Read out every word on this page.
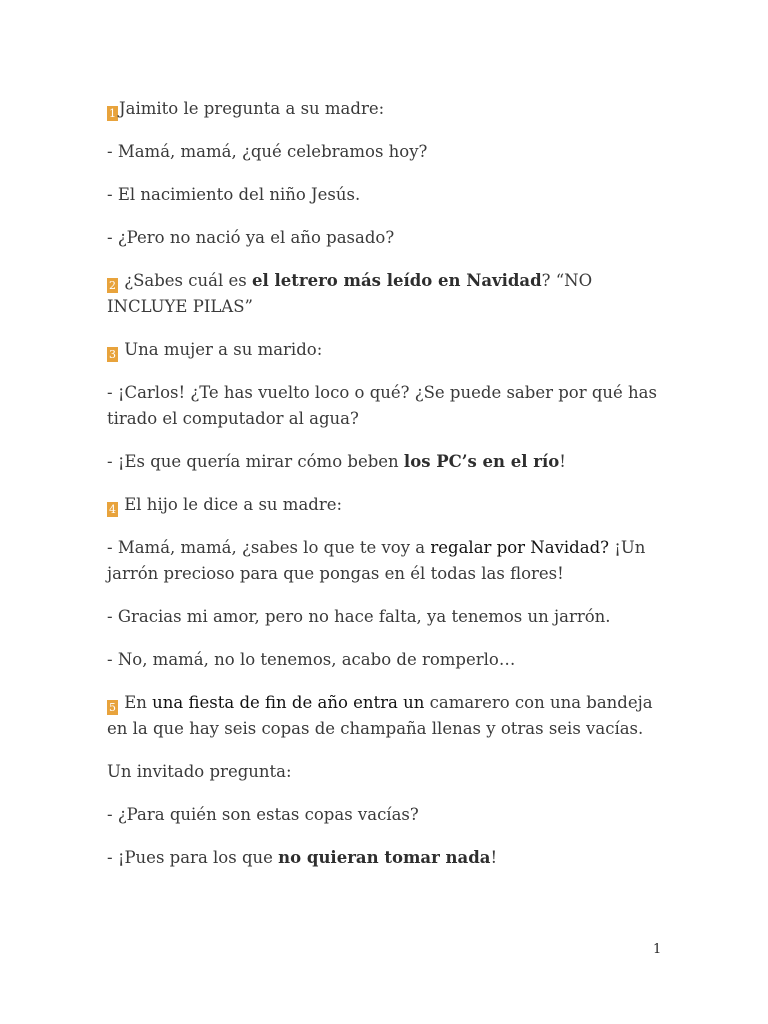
1 Jaimito le pregunta a su madre:

- Mamá, mamá, ¿qué celebramos hoy?

- El nacimiento del niño Jesús.

- ¿Pero no nació ya el año pasado?

2 ¿Sabes cuál es el letrero más leído en Navidad? “NO INCLUYE PILAS”

3 Una mujer a su marido:

- ¡Carlos! ¿Te has vuelto loco o qué? ¿Se puede saber por qué has tirado el computador al agua?

- ¡Es que quería mirar cómo beben los PC’s en el río!

4 El hijo le dice a su madre:

- Mamá, mamá, ¿sabes lo que te voy a regalar por Navidad? ¡Un jarrón precioso para que pongas en él todas las flores!

- Gracias mi amor, pero no hace falta, ya tenemos un jarrón.

- No, mamá, no lo tenemos, acabo de romperlo…

5 En una fiesta de fin de año entra un camarero con una bandeja en la que hay seis copas de champaña llenas y otras seis vacías.

Un invitado pregunta:

- ¿Para quién son estas copas vacías?

- ¡Pues para los que no quieran tomar nada!

1
